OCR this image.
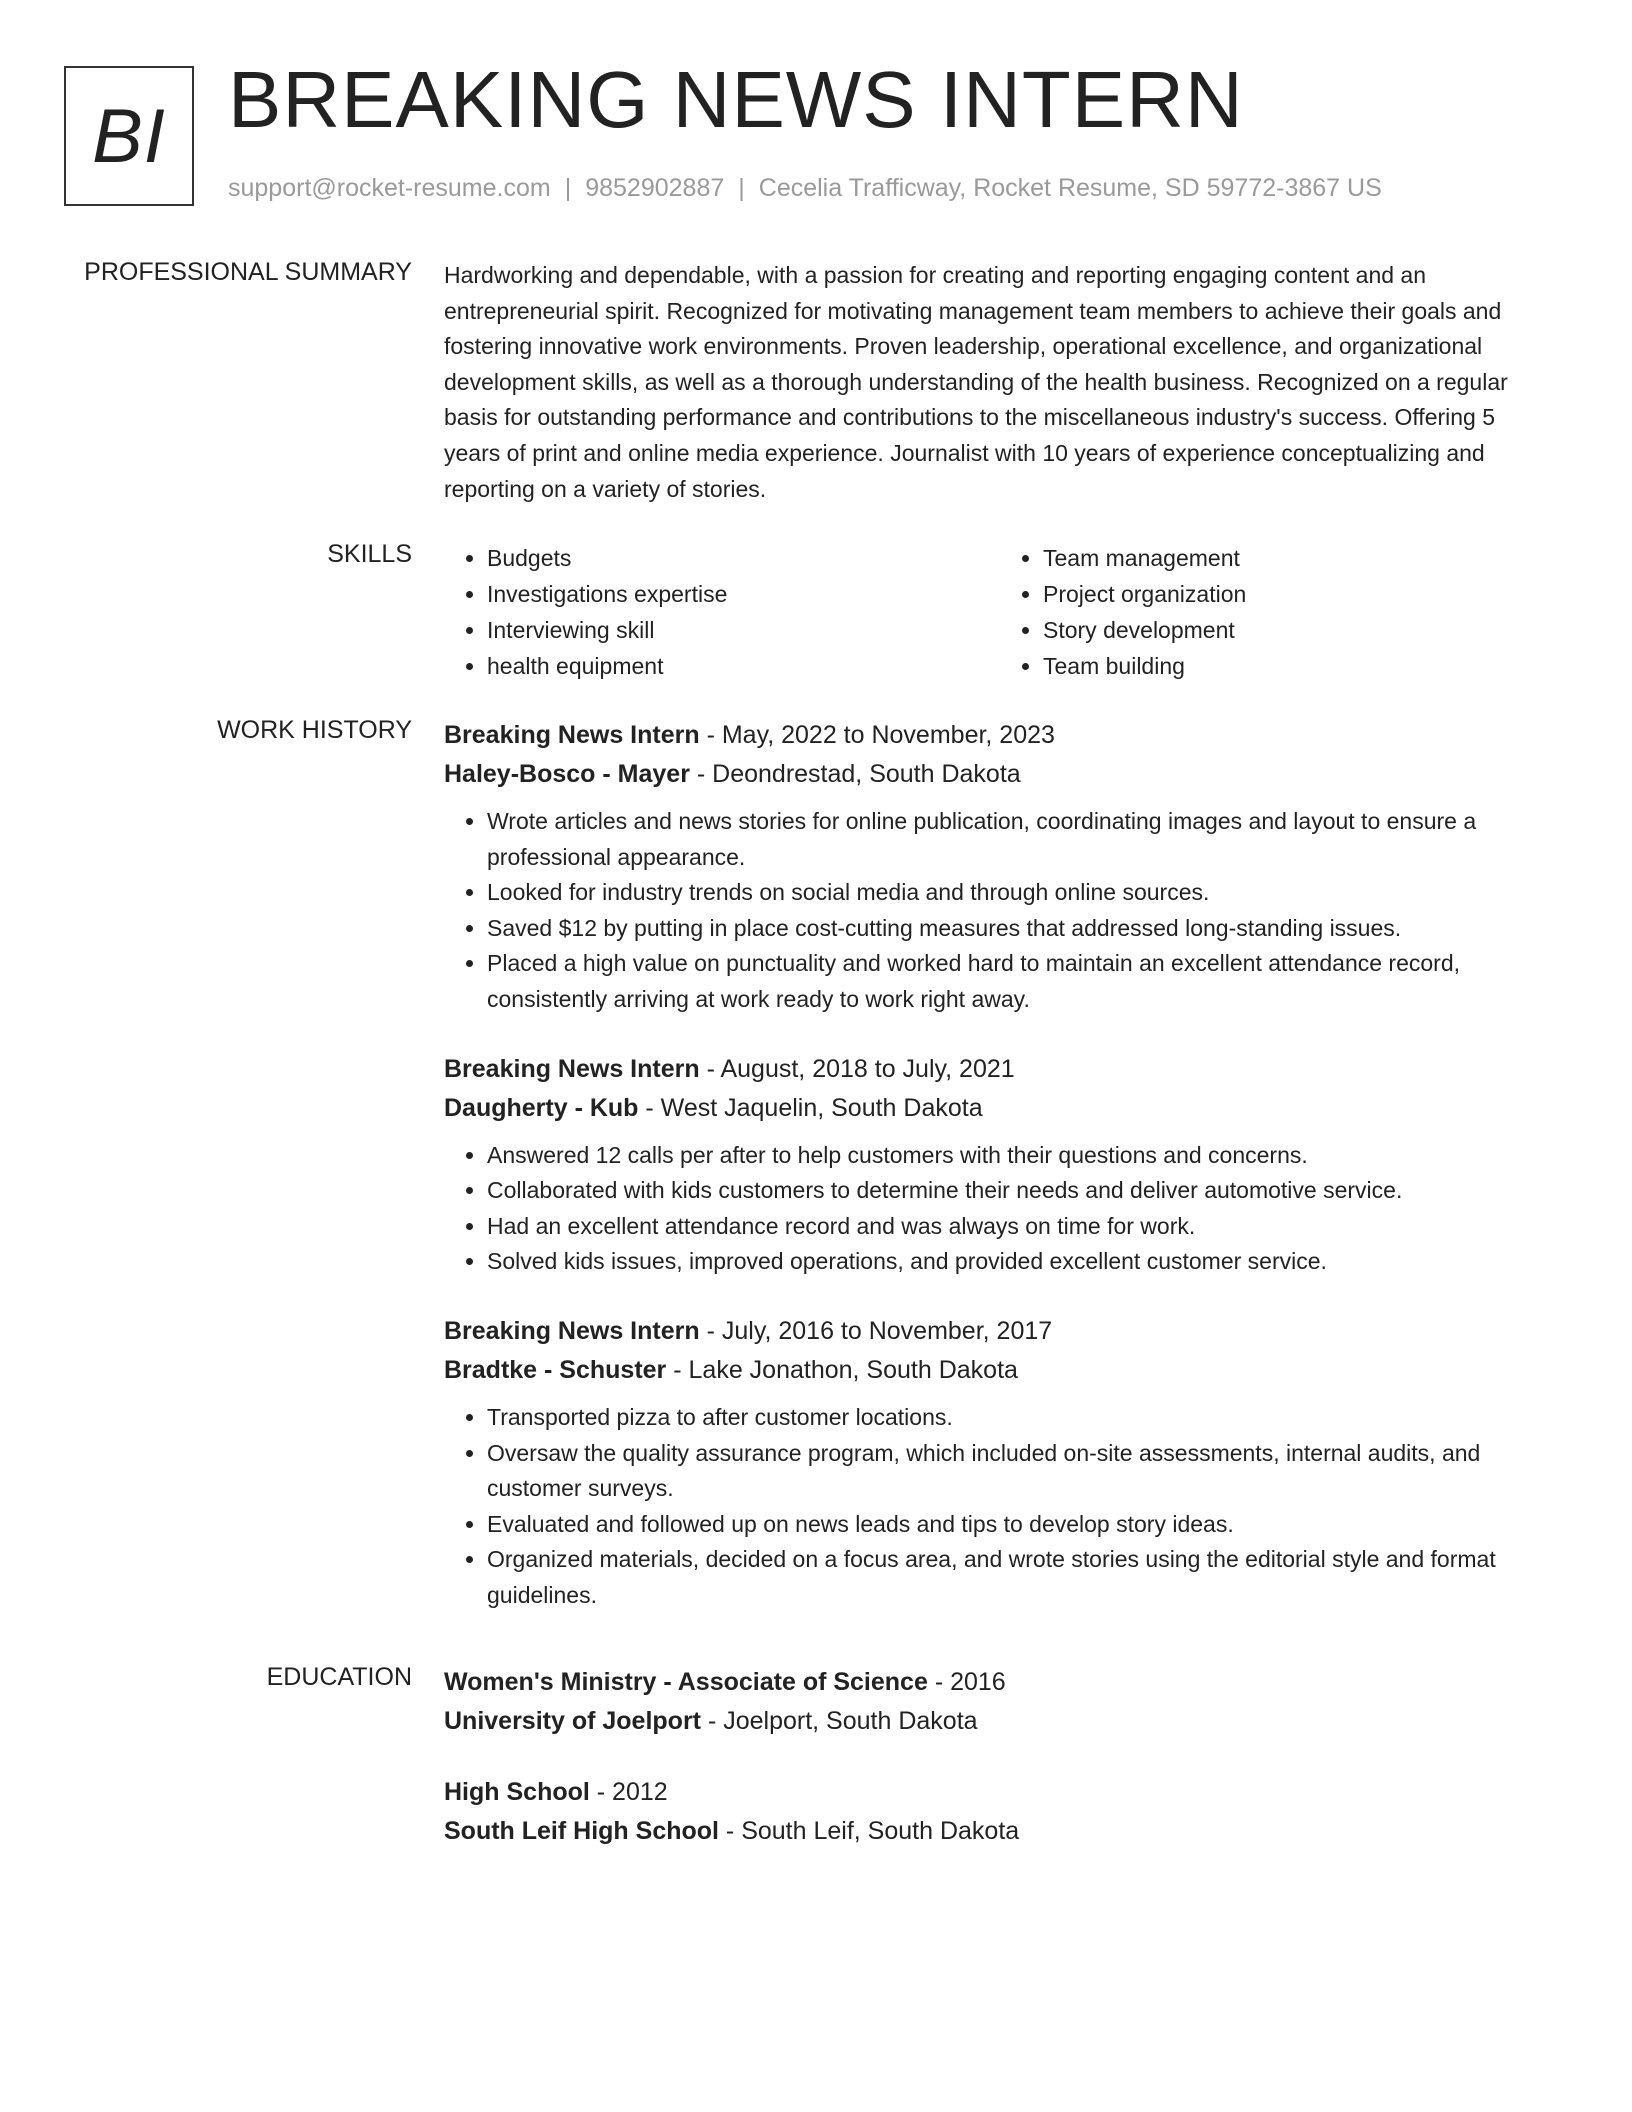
BI BREAKING NEWS INTERN
support@rocket-resume.com | 9852902887 | Cecelia Trafficway, Rocket Resume, SD 59772-3867 US
PROFESSIONAL SUMMARY Hardworking and dependable, with a passion for creating and reporting engaging content and an entrepreneurial spirit. Recognized for motivating management team members to achieve their goals and fostering innovative work environments. Proven leadership, operational excellence, and organizational development skills, as well as a thorough understanding of the health business. Recognized on a regular basis for outstanding performance and contributions to the miscellaneous industry's success. Offering 5 years of print and online media experience. Journalist with 10 years of experience conceptualizing and reporting on a variety of stories.

SKILLS
•	Budgets
• Investigations expertise
• Interviewing skill
• health equipment
• Team management
• Project organization
• Story development
• Team building
WORK HISTORY Breaking News Intern - May, 2022 to November, 2023
Haley-Bosco - Mayer - Deondrestad, South Dakota
• Wrote articles and news stories for online publication, coordinating images and layout to ensure a professional appearance.
• Looked for industry trends on social media and through online sources.
• Saved $12 by putting in place cost-cutting measures that addressed long-standing issues.
• Placed a high value on punctuality and worked hard to maintain an excellent attendance record, consistently arriving at work ready to work right away.
Breaking News Intern - August, 2018 to July, 2021
Daugherty - Kub - West Jaquelin, South Dakota
• Answered 12 calls per after to help customers with their questions and concerns.
• Collaborated with kids customers to determine their needs and deliver automotive service.
• Had an excellent attendance record and was always on time for work.
• Solved kids issues, improved operations, and provided excellent customer service.
Breaking News Intern - July, 2016 to November, 2017
Bradtke - Schuster - Lake Jonathon, South Dakota
• Transported pizza to after customer locations.
• Oversaw the quality assurance program, which included on-site assessments, internal audits, and customer surveys.
• Evaluated and followed up on news leads and tips to develop story ideas.
• Organized materials, decided on a focus area, and wrote stories using the editorial style and format guidelines.
EDUCATION Women's Ministry - Associate of Science - 2016
University of Joelport - Joelport, South Dakota
High School - 2012
South Leif High School - South Leif, South Dakota
